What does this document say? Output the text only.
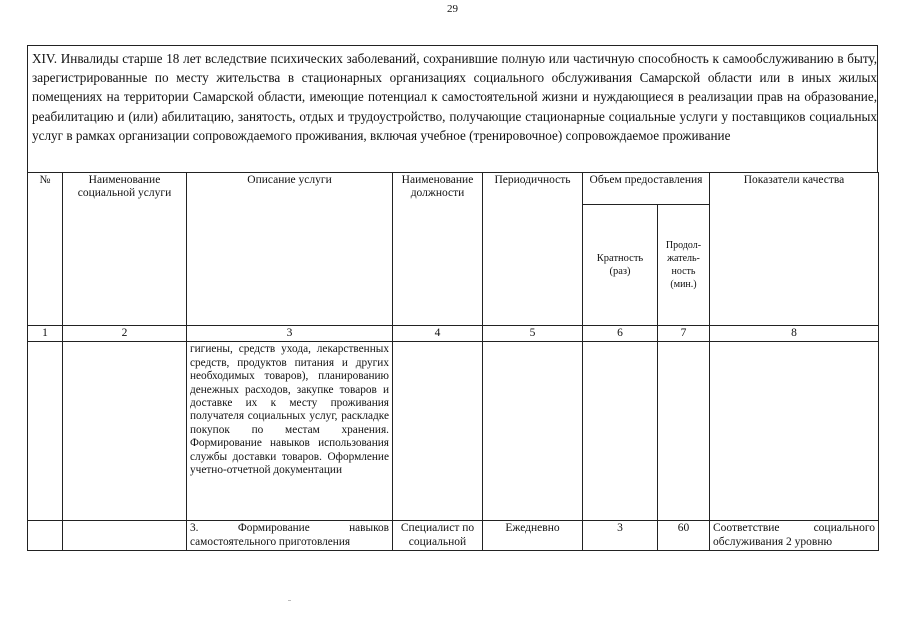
29

XIV. Инвалиды старше 18 лет вследствие психических заболеваний, сохранившие полную или частичную способность к самообслуживанию в быту, зарегистрированные по месту жительства в стационарных организациях социального обслуживания Самарской области или в иных жилых помещениях на территории Самарской области, имеющие потенциал к самостоятельной жизни и нуждающиеся в реализации прав на образование, реабилитацию и (или) абилитацию, занятость, отдых и трудоустройство, получающие стационарные социальные услуги у поставщиков социальных услуг в рамках организации сопровождаемого проживания, включая учебное (тренировочное) сопровождаемое проживание

№	Наименование социальной услуги	Описание услуги	Наименование должности	Периодичность	Объем предоставления		Показатели качества
					Кратность (раз)	Продол-жатель-ность (мин.)	
1	2	3	4	5	6	7	8
		гигиены, средств ухода, лекарственных средств, продуктов питания и других необходимых товаров), планированию денежных расходов, закупке товаров и доставке их к месту проживания получателя социальных услуг, раскладке покупок по местам хранения. Формирование навыков использования службы доставки товаров. Оформление учетно-отчетной документации					
		3. Формирование навыков самостоятельного приготовления	Специалист по социальной	Ежедневно	3	60	Соответствие социального обслуживания 2 уровню
